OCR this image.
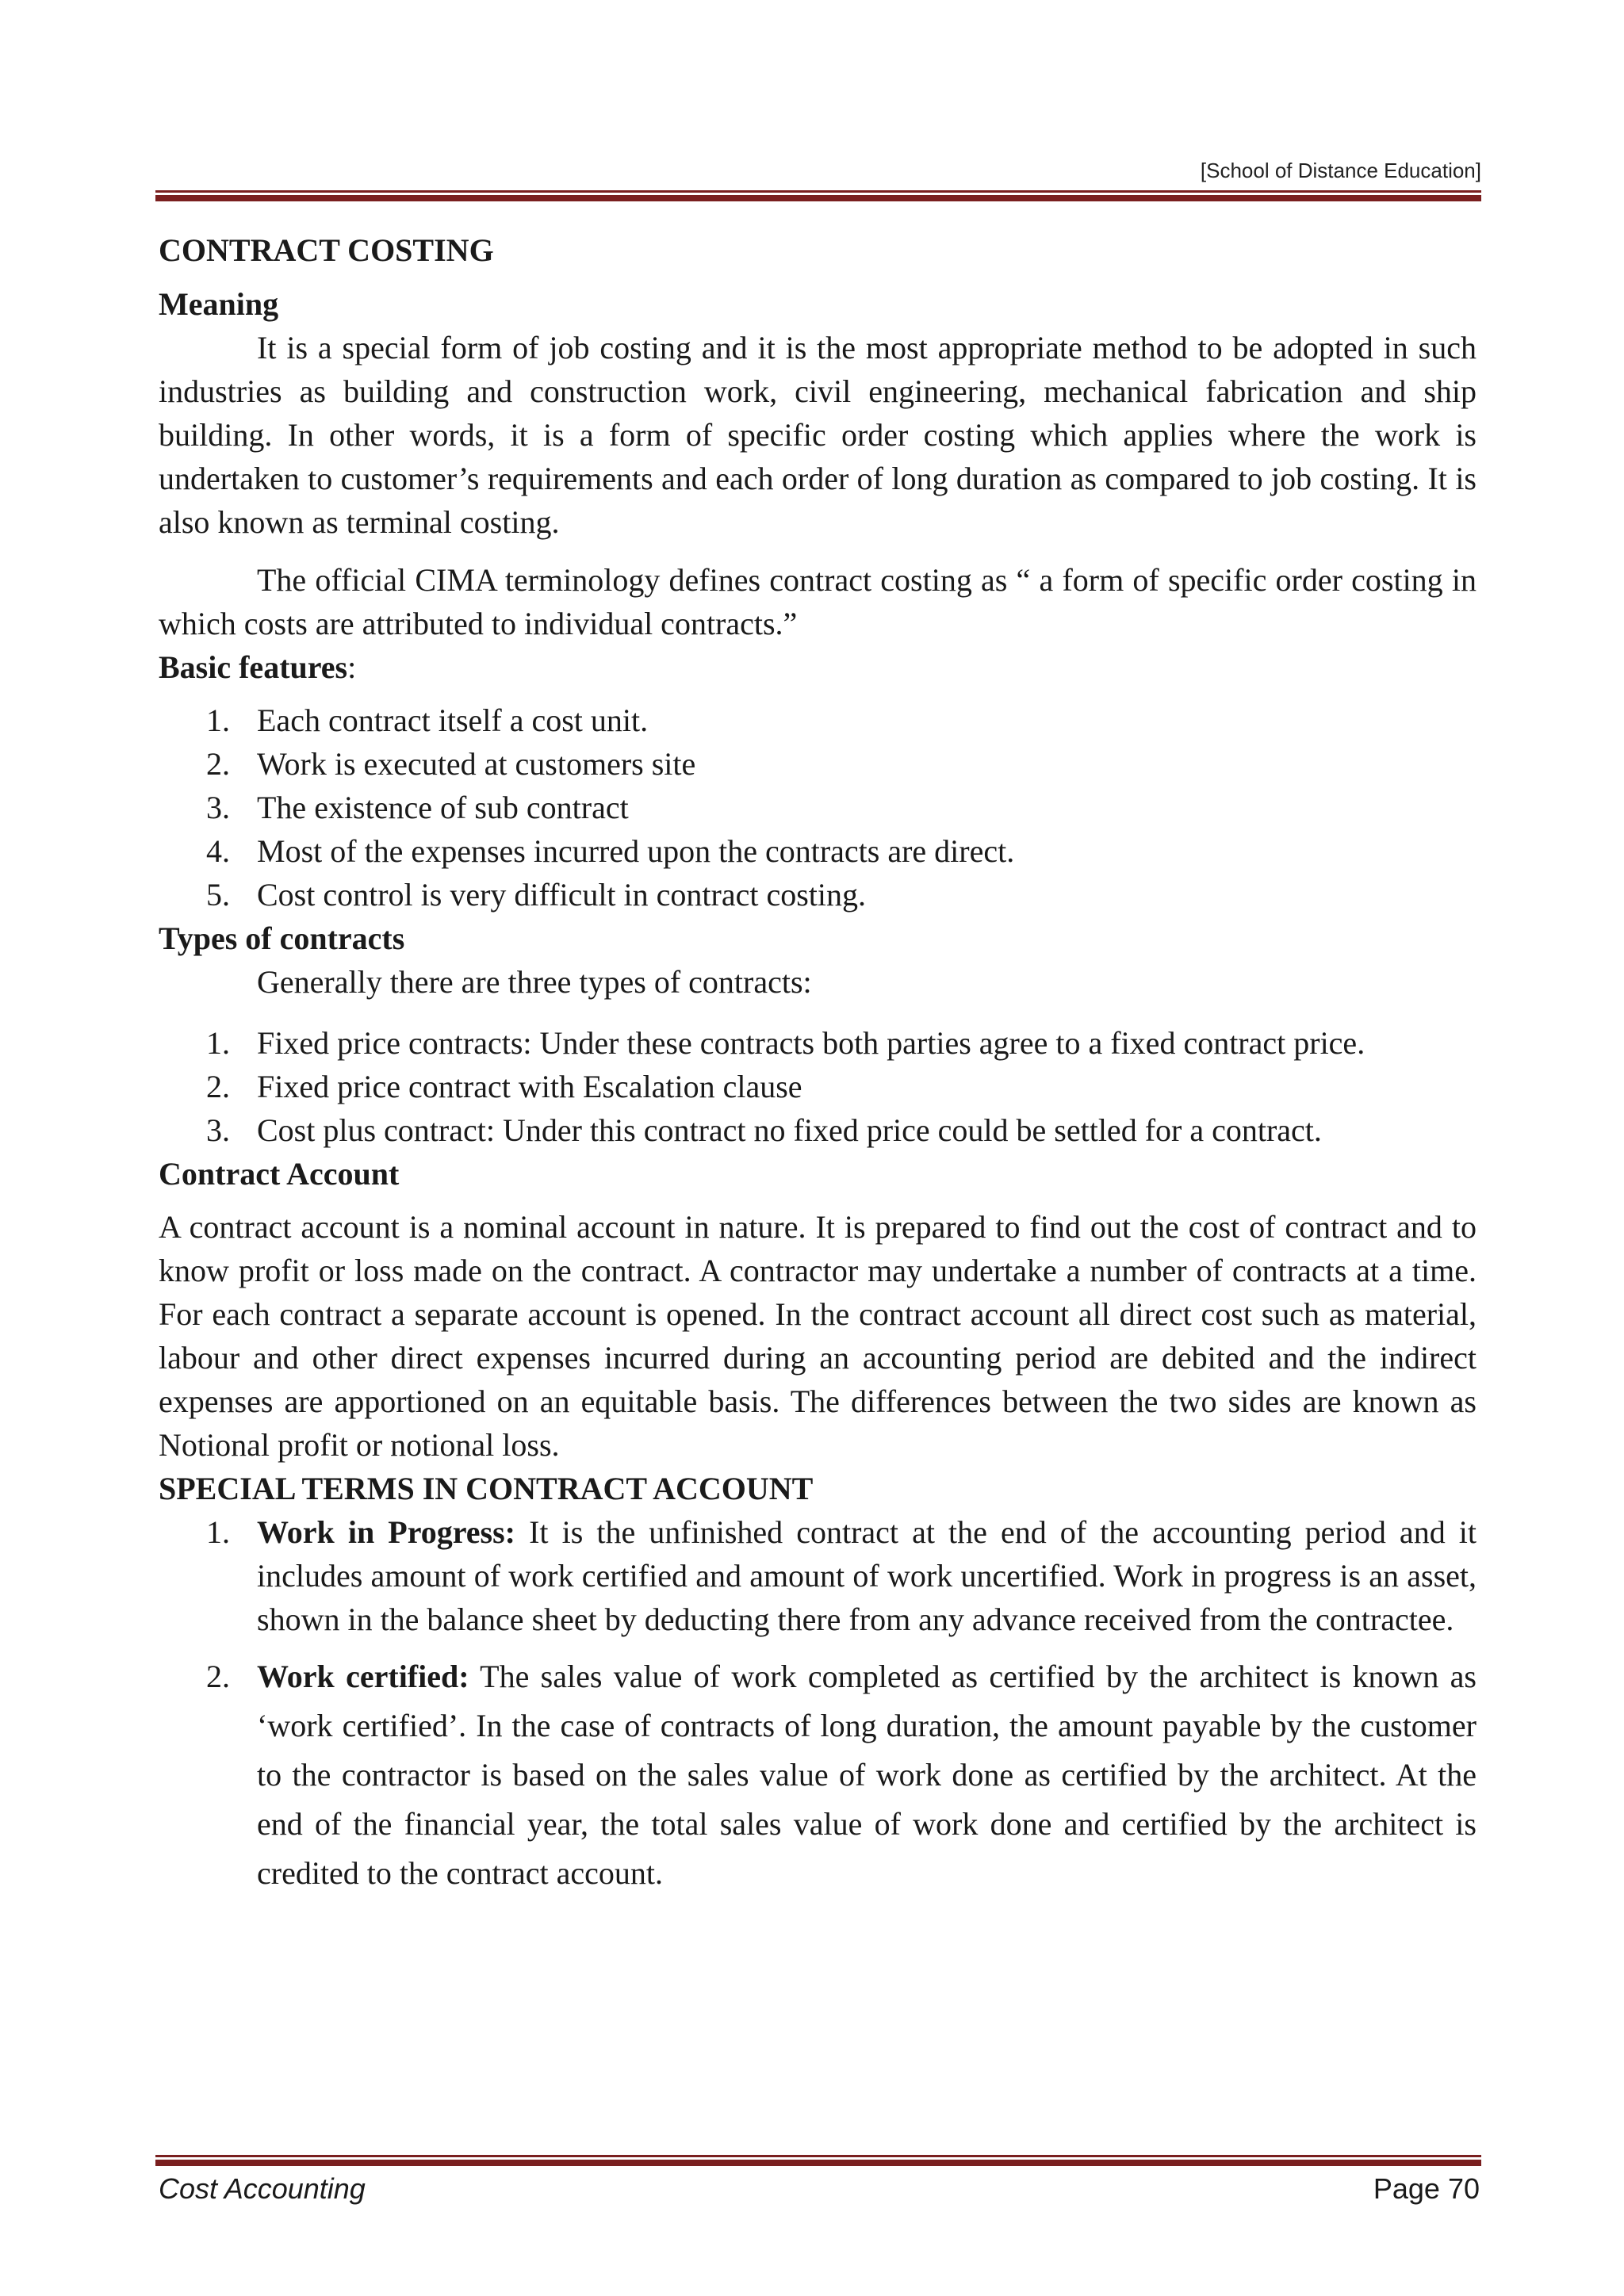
[School of Distance Education]
CONTRACT COSTING
Meaning

It is a special form of job costing and it is the most appropriate method to be adopted in such industries as building and construction work, civil engineering, mechanical fabrication and ship building. In other words, it is a form of specific order costing which applies where the work is undertaken to customer’s requirements and each order of long duration as compared to job costing. It is also known as terminal costing.

The official CIMA terminology defines contract costing as “ a form of specific order costing in which costs are attributed to individual contracts.”

Basic features:
1. Each contract itself a cost unit.
2. Work is executed at customers site
3. The existence of sub contract
4. Most of the expenses incurred upon the contracts are direct.
5. Cost control is very difficult in contract costing.
Types of contracts

Generally there are three types of contracts:

1. Fixed price contracts: Under these contracts both parties agree to a fixed contract price.
2. Fixed price contract with Escalation clause
3. Cost plus contract: Under this contract no fixed price could be settled for a contract.
Contract Account

A contract account is a nominal account in nature. It is prepared to find out the cost of contract and to know profit or loss made on the contract. A contractor may undertake a number of contracts at a time. For each contract a separate account is opened. In the contract account all direct cost such as material, labour and other direct expenses incurred during an accounting period are debited and the indirect expenses are apportioned on an equitable basis. The differences between the two sides are known as Notional profit or notional loss.

SPECIAL TERMS IN CONTRACT ACCOUNT
1. Work in Progress: It is the unfinished contract at the end of the accounting period and it includes amount of work certified and amount of work uncertified. Work in progress is an asset, shown in the balance sheet by deducting there from any advance received from the contractee.
2. Work certified: The sales value of work completed as certified by the architect is known as ‘work certified’. In the case of contracts of long duration, the amount payable by the customer to the contractor is based on the sales value of work done as certified by the architect. At the end of the financial year, the total sales value of work done and certified by the architect is credited to the contract account.
Cost Accounting	Page 70
